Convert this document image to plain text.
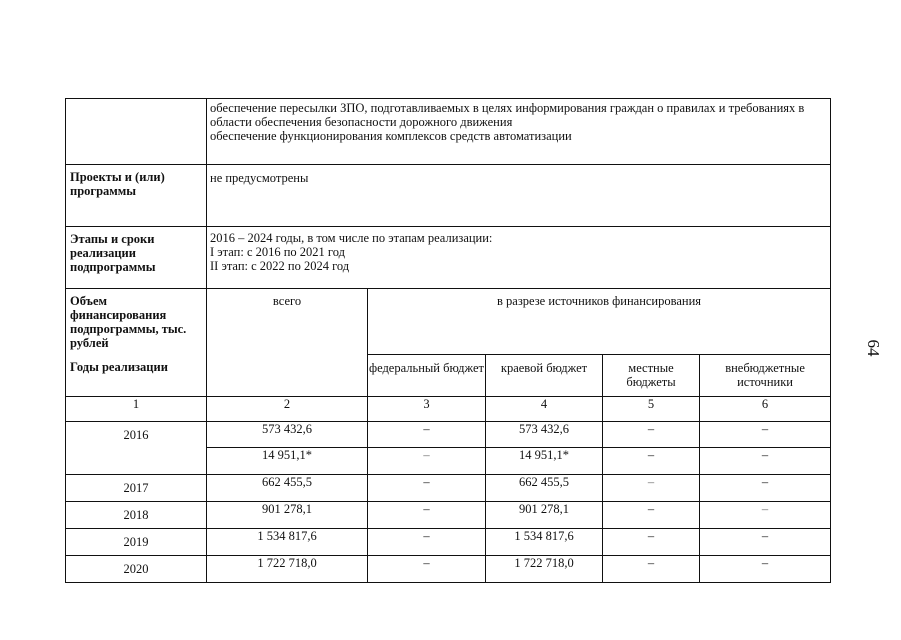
64

	обеспечение пересылки ЗПО, подготавливаемых в целях информирования граждан о правилах и требованиях в области обеспечения безопасности дорожного движения
обеспечение функционирования комплексов средств автоматизации				

Проекты и (или) программы	не предусмотрены				
Этапы и сроки реализации подпрограммы	2016 – 2024 годы, в том числе по этапам реализации:
I этап: с 2016 по 2021 год
II этап: с 2022 по 2024 год				

Объем финансирования подпрограммы, тыс. рублей	всего	в разрезе источников финансирования			
Годы реализации		федеральный бюджет	краевой бюджет	местные бюджеты	внебюджетные источники
1	2	3	4	5	6
2016	573 432,6	–	573 432,6	–	–
	14 951,1*	–	14 951,1*	–	–
2017	662 455,5	–	662 455,5	–	–
2018	901 278,1	–	901 278,1	–	–
2019	1 534 817,6	–	1 534 817,6	–	–
2020	1 722 718,0	–	1 722 718,0	–	–
